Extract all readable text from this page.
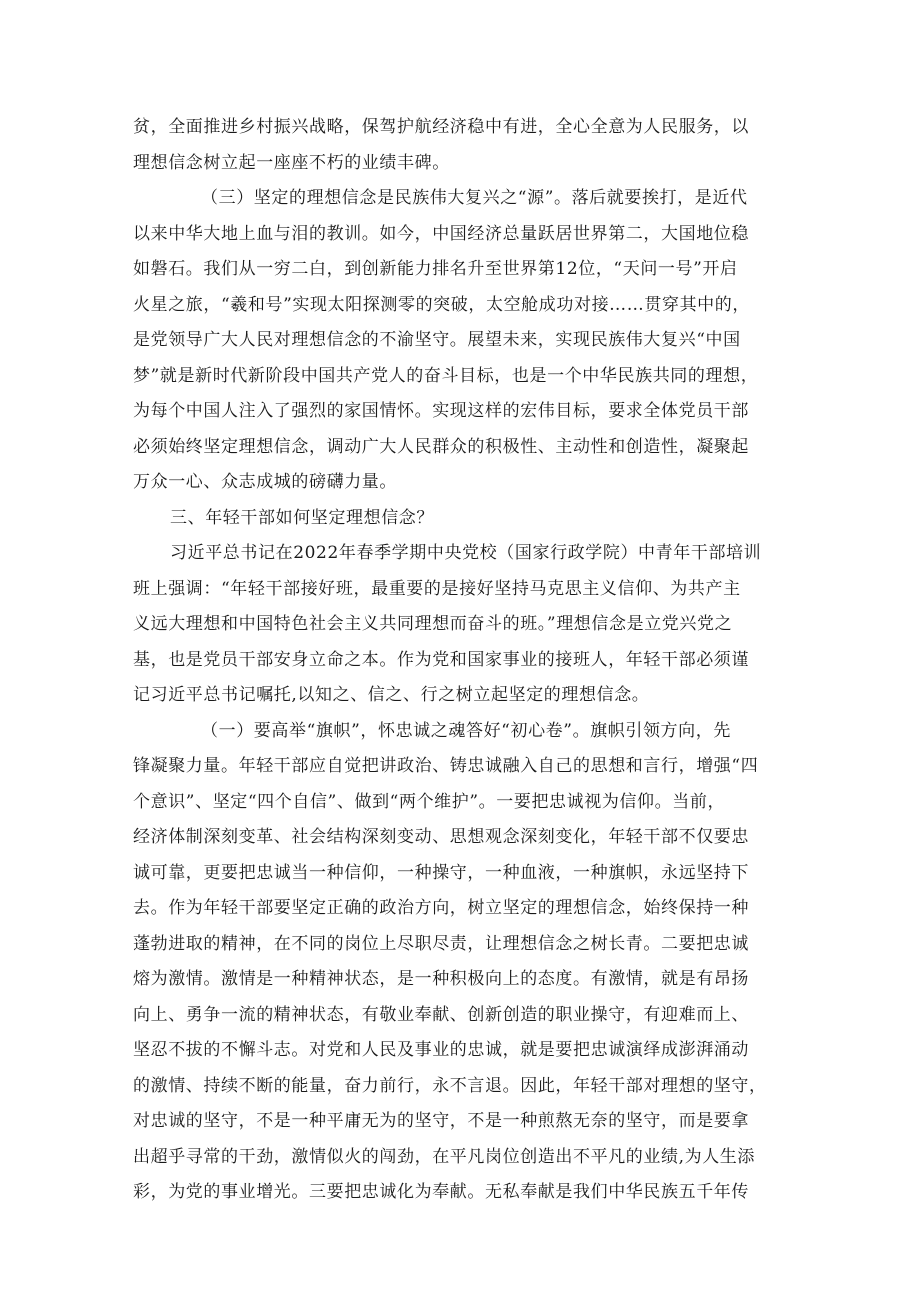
贫，全面推进乡村振兴战略，保驾护航经济稳中有进，全心全意为人民服务，以
理想信念树立起一座座不朽的业绩丰碑。
（三）坚定的理想信念是民族伟大复兴之“源”。落后就要挨打，是近代
以来中华大地上血与泪的教训。如今，中国经济总量跃居世界第二，大国地位稳
如磐石。我们从一穷二白，到创新能力排名升至世界第12位，“天问一号”开启
火星之旅，“羲和号”实现太阳探测零的突破，太空舱成功对接……贯穿其中的，
是党领导广大人民对理想信念的不渝坚守。展望未来，实现民族伟大复兴“中国
梦”就是新时代新阶段中国共产党人的奋斗目标，也是一个中华民族共同的理想，
为每个中国人注入了强烈的家国情怀。实现这样的宏伟目标，要求全体党员干部
必须始终坚定理想信念，调动广大人民群众的积极性、主动性和创造性，凝聚起
万众一心、众志成城的磅礴力量。
三、年轻干部如何坚定理想信念？
习近平总书记在2022年春季学期中央党校（国家行政学院）中青年干部培训
班上强调：“年轻干部接好班，最重要的是接好坚持马克思主义信仰、为共产主
义远大理想和中国特色社会主义共同理想而奋斗的班。”理想信念是立党兴党之
基，也是党员干部安身立命之本。作为党和国家事业的接班人，年轻干部必须谨
记习近平总书记嘱托,以知之、信之、行之树立起坚定的理想信念。
（一）要高举“旗帜”，怀忠诚之魂答好“初心卷”。旗帜引领方向，先
锋凝聚力量。年轻干部应自觉把讲政治、铸忠诚融入自己的思想和言行，增强“四
个意识”、坚定“四个自信”、做到“两个维护”。一要把忠诚视为信仰。当前，
经济体制深刻变革、社会结构深刻变动、思想观念深刻变化，年轻干部不仅要忠
诚可靠，更要把忠诚当一种信仰，一种操守，一种血液，一种旗帜，永远坚持下
去。作为年轻干部要坚定正确的政治方向，树立坚定的理想信念，始终保持一种
蓬勃进取的精神，在不同的岗位上尽职尽责，让理想信念之树长青。二要把忠诚
熔为激情。激情是一种精神状态，是一种积极向上的态度。有激情，就是有昂扬
向上、勇争一流的精神状态，有敬业奉献、创新创造的职业操守，有迎难而上、
坚忍不拔的不懈斗志。对党和人民及事业的忠诚，就是要把忠诚演绎成澎湃涌动
的激情、持续不断的能量，奋力前行，永不言退。因此，年轻干部对理想的坚守，
对忠诚的坚守，不是一种平庸无为的坚守，不是一种煎熬无奈的坚守，而是要拿
出超乎寻常的干劲，激情似火的闯劲，在平凡岗位创造出不平凡的业绩,为人生添
彩，为党的事业增光。三要把忠诚化为奉献。无私奉献是我们中华民族五千年传
